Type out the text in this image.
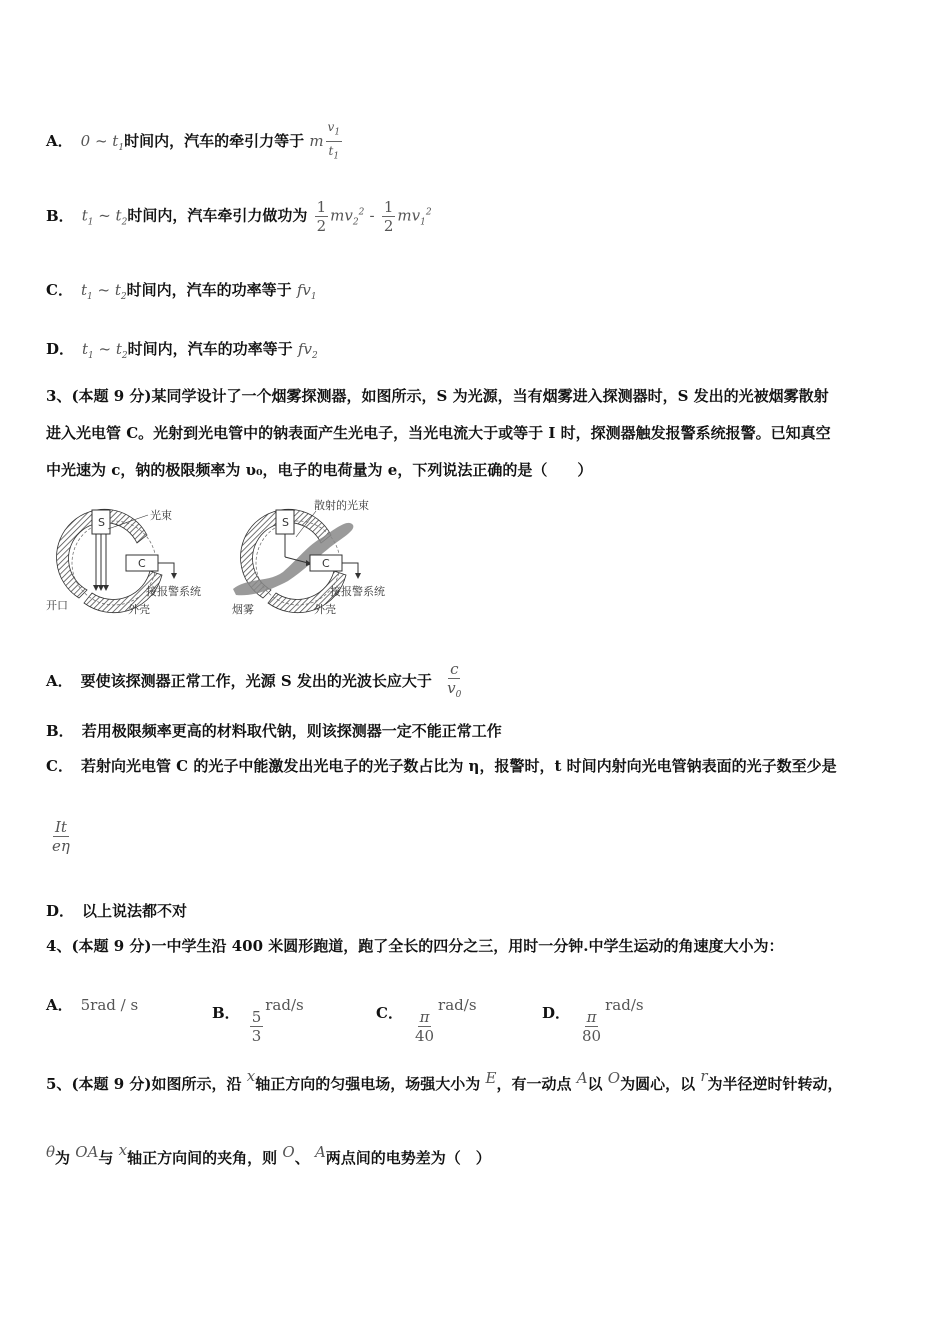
A． 0 ~ $t_1$时间内，汽车的牵引力等于 m $\frac{v_1}{t_1}$
B． $t_1$ ~ $t_2$时间内，汽车牵引力做功为 $\frac{1}{2} mv_2^2 - \frac{1}{2} mv_1^2$
C． $t_1$ ~ $t_2$时间内，汽车的功率等于 $fv_1$
D． $t_1$ ~ $t_2$时间内，汽车的功率等于 $fv_2$
3、(本题 9 分)某同学设计了一个烟雾探测器，如图所示，S 为光源，当有烟雾进入探测器时，S 发出的光被烟雾散射
进入光电管 C。光射到光电管中的钠表面产生光电子，当光电流大于或等于 I 时，探测器触发报警系统报警。已知真空
中光速为 c，钠的极限频率为 υ₀，电子的电荷量为 e，下列说法正确的是（　　）
S
C
光束
接报警系统
开口	外壳
S
C
散射的光束
接报警系统
烟雾	外壳
A． 要使该探测器正常工作，光源 S 发出的光波长应大于 $\frac{c}{v_0}$
B． 若用极限频率更高的材料取代钠，则该探测器一定不能正常工作
C． 若射向光电管 C 的光子中能激发出光电子的光子数占比为 η，报警时，t 时间内射向光电管钠表面的光子数至少是
$\frac{It}{e\eta}$
D． 以上说法都不对
4、(本题 9 分)一中学生沿 400 米圆形跑道，跑了全长的四分之三，用时一分钟.中学生运动的角速度大小为：
A． 5rad / s	B． $\frac{5}{3}$
rad/s	C． $\frac{\pi}{40}$
rad/s	D． $\frac{\pi}{80}$
rad/s
5、(本题 9 分)如图所示，沿 x轴正方向的匀强电场，场强大小为 E，有一动点 A以 O为圆心，以 r为半径逆时针转动，
θ为 OA与 x轴正方向间的夹角，则 O、 A两点间的电势差为（　）
